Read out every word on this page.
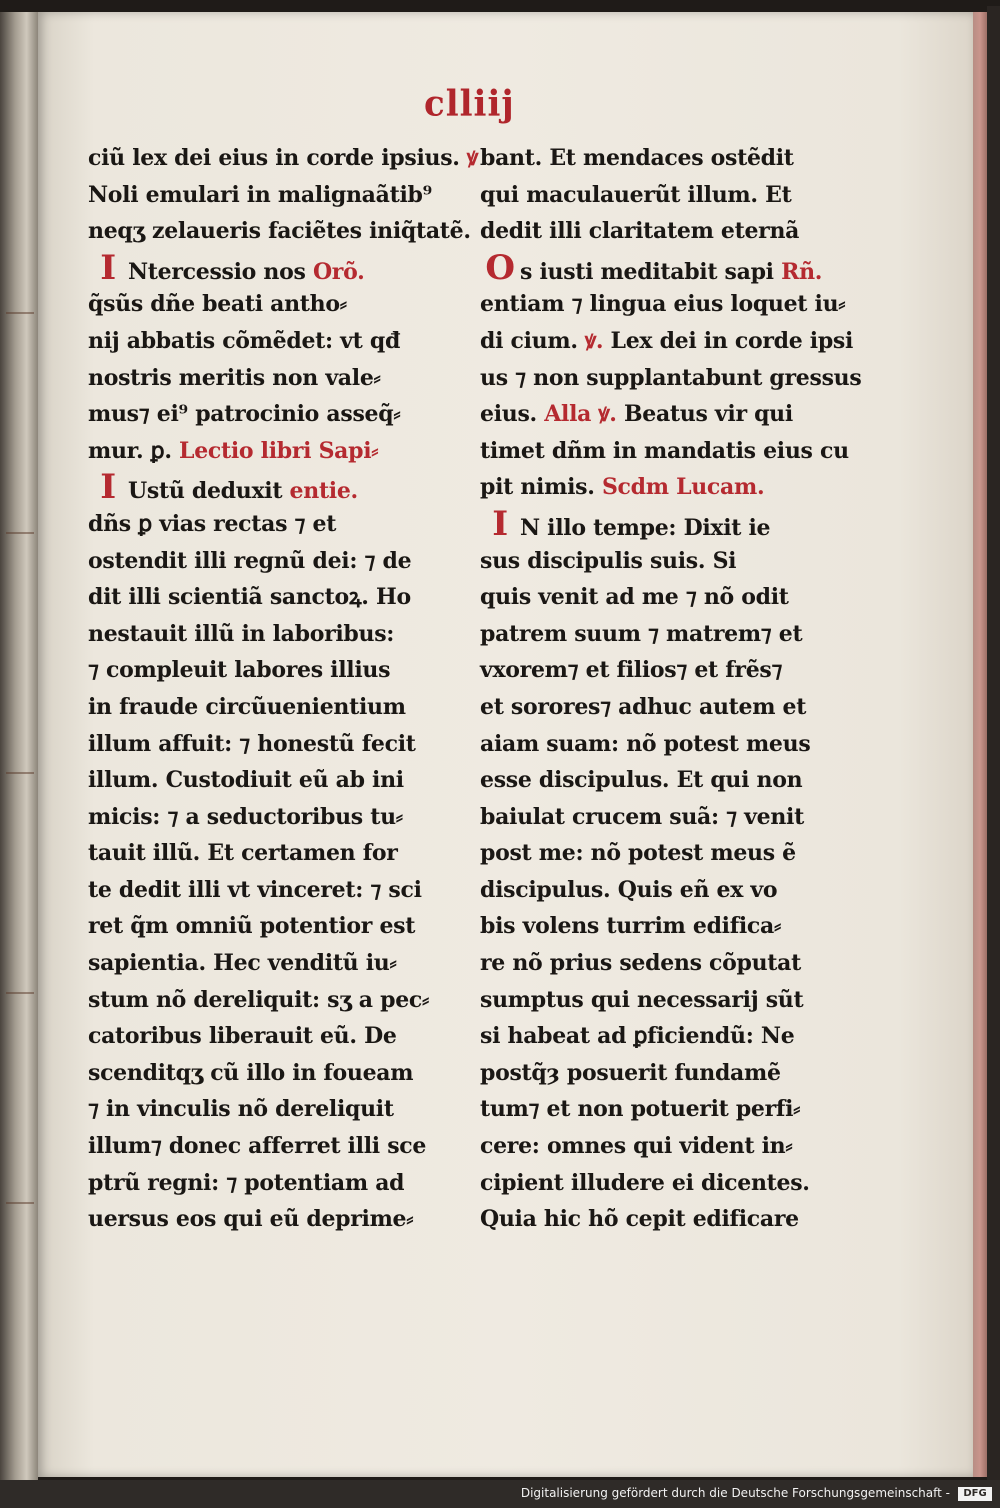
clliij
ciũ lex dei eius in corde ipsius. ꝟ
Noli emulari in malignaãtib⁹
neqʒ zelaueris faciẽtes iniq̃tatẽ.
I Ntercessio nos Orõ.
q̃sũs dñe beati antho⸗
nij abbatis cõmẽdet: vt qđ
nostris meritis non vale⸗
mus⁊ ei⁹ patrocinio asseq̃⸗
mur. ꝑ. Lectio libri Sapi⸗
I Ustũ deduxit entie.
dñs ꝑ vias rectas ⁊ et
ostendit illi regnũ dei: ⁊ de
dit illi scientiã sanctoꝝ. Ho
nestauit illũ in laboribus:
⁊ compleuit labores illius
in fraude circũuenientium
illum affuit: ⁊ honestũ fecit
illum. Custodiuit eũ ab ini
micis: ⁊ a seductoribus tu⸗
tauit illũ. Et certamen for
te dedit illi vt vinceret: ⁊ sci
ret q̃m omniũ potentior est
sapientia. Hec venditũ iu⸗
stum nõ dereliquit: sʒ a pec⸗
catoribus liberauit eũ. De
scenditqʒ cũ illo in foueam
⁊ in vinculis nõ dereliquit
illum⁊ donec afferret illi sce
ptrũ regni: ⁊ potentiam ad
uersus eos qui eũ deprime⸗
bant. Et mendaces ostẽdit
qui maculauerũt illum. Et
dedit illi claritatem eternã
Os iusti meditabit sapi Rñ.
entiam ⁊ lingua eius loquet iu⸗
di cium. ꝟ. Lex dei in corde ipsi
us ⁊ non supplantabunt gressus
eius. Alla ꝟ. Beatus vir qui
timet dñm in mandatis eius cu
pit nimis. Scdm Lucam.
I N illo tempe: Dixit ie
sus discipulis suis. Si
quis venit ad me ⁊ nõ odit
patrem suum ⁊ matrem⁊ et
vxorem⁊ et filios⁊ et frẽs⁊
et sorores⁊ adhuc autem et
aiam suam: nõ potest meus
esse discipulus. Et qui non
baiulat crucem suã: ⁊ venit
post me: nõ potest meus ẽ
discipulus. Quis eñ ex vo
bis volens turrim edifica⸗
re nõ prius sedens cõputat
sumptus qui necessarij sũt
si habeat ad ꝑficiendũ: Ne
postq̃ȝ posuerit fundamẽ
tum⁊ et non potuerit perfi⸗
cere: omnes qui vident in⸗
cipient illudere ei dicentes.
Quia hic hõ cepit edificare
Digitalisierung gefördert durch die Deutsche Forschungsgemeinschaft -	DFG
